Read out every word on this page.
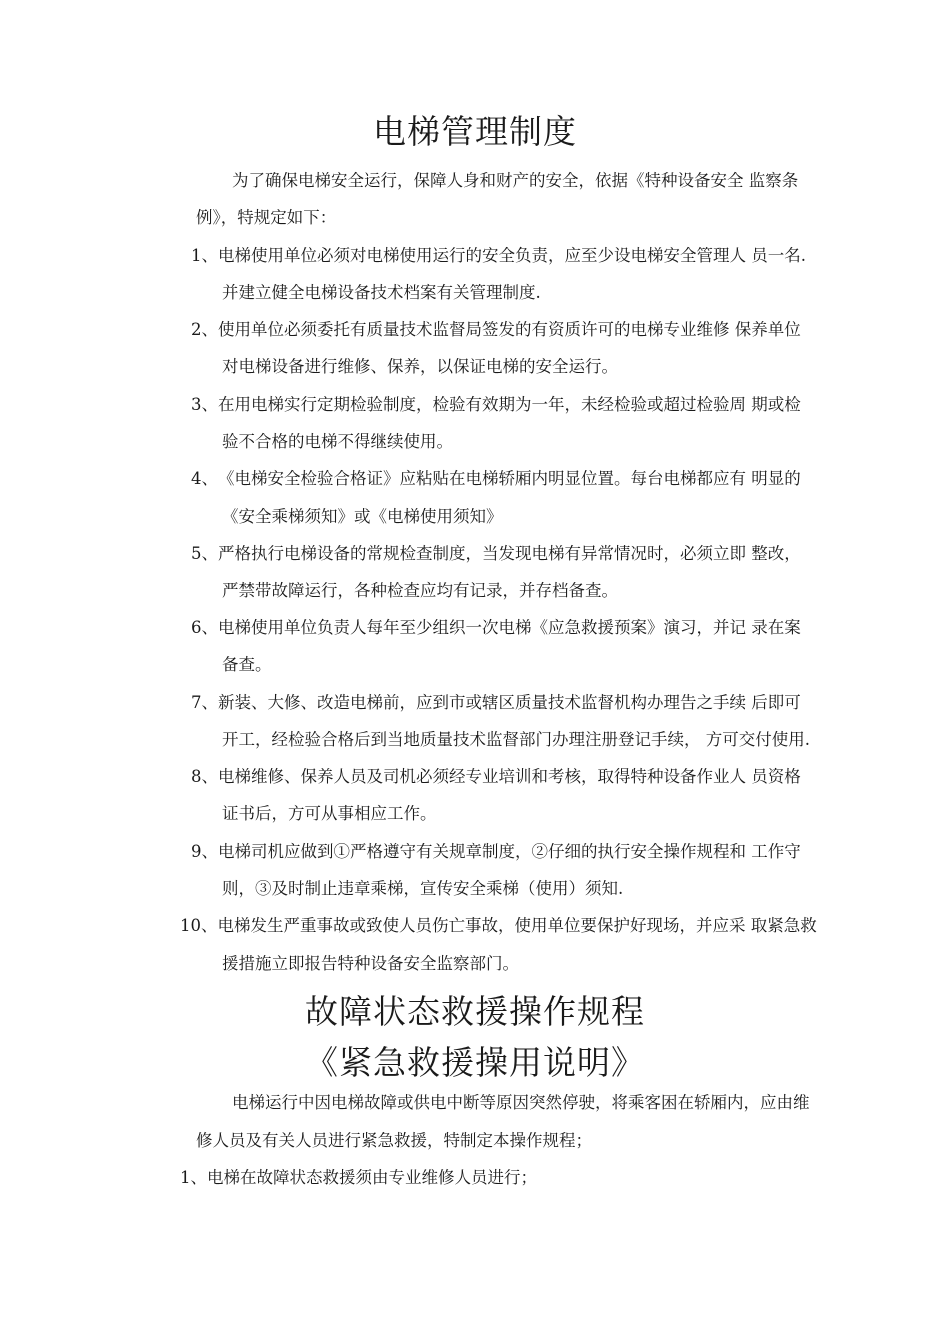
电梯管理制度
为了确保电梯安全运行，保障人身和财产的安全，依据《特种设备安全 监察条
例》，特规定如下：
1、电梯使用单位必须对电梯使用运行的安全负责，应至少设电梯安全管理人 员一名.
并建立健全电梯设备技术档案有关管理制度.
2、使用单位必须委托有质量技术监督局签发的有资质许可的电梯专业维修 保养单位
对电梯设备进行维修、保养，以保证电梯的安全运行。
3、在用电梯实行定期检验制度，检验有效期为一年，未经检验或超过检验周 期或检
验不合格的电梯不得继续使用。
4、《电梯安全检验合格证》应粘贴在电梯轿厢内明显位置。每台电梯都应有 明显的
《安全乘梯须知》或《电梯使用须知》
5、严格执行电梯设备的常规检查制度，当发现电梯有异常情况时，必须立即 整改，
严禁带故障运行，各种检查应均有记录，并存档备查。
6、电梯使用单位负责人每年至少组织一次电梯《应急救援预案》演习，并记 录在案
备查。
7、新装、大修、改造电梯前，应到市或辖区质量技术监督机构办理告之手续 后即可
开工，经检验合格后到当地质量技术监督部门办理注册登记手续， 方可交付使用.
8、电梯维修、保养人员及司机必须经专业培训和考核，取得特种设备作业人 员资格
证书后，方可从事相应工作。
9、电梯司机应做到①严格遵守有关规章制度，②仔细的执行安全操作规程和 工作守
则，③及时制止违章乘梯，宣传安全乘梯（使用）须知.
10、电梯发生严重事故或致使人员伤亡事故，使用单位要保护好现场，并应采 取紧急救
援措施立即报告特种设备安全监察部门。
故障状态救援操作规程
《紧急救援操用说明》
电梯运行中因电梯故障或供电中断等原因突然停驶，将乘客困在轿厢内，应由维
修人员及有关人员进行紧急救援，特制定本操作规程；
1、电梯在故障状态救援须由专业维修人员进行；
